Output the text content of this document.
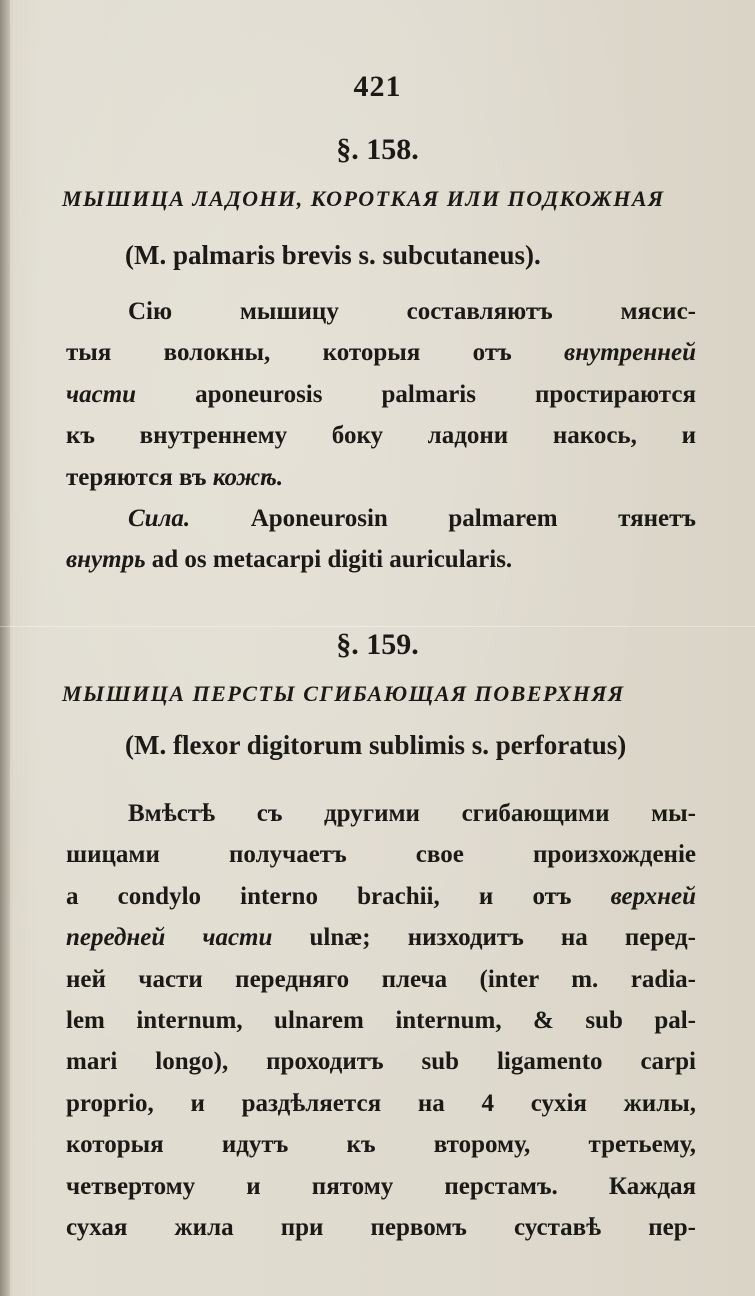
421
§. 158.
МЫШИЦА ЛАДОНИ, КОРОТКАЯ ИЛИ ПОДКОЖНАЯ
(M. palmaris brevis s. subcutaneus).
Сію мышицу составляютъ мясис-
тыя волокны, которыя отъ внутренней
части aponeurosis palmaris простираются
къ внутреннему боку ладони накось, и
теряются въ кожѣ.
Сила. Aponeurosin palmarem тянетъ
внутрь ad os metacarpi digiti auricularis.
§. 159.
МЫШИЦА ПЕРСТЫ СГИБАЮЩАЯ ПОВЕРХНЯЯ
(M. flexor digitorum sublimis s. perforatus)
Вмѣстѣ съ другими сгибающими мы-
шицами получаетъ свое произхожденіе
a condylo interno brachii, и отъ верхней
передней части ulnæ; низходитъ на перед-
ней части передняго плеча (inter m. radia-
lem internum, ulnarem internum, & sub pal-
mari longo), проходитъ sub ligamento carpi
proprio, и раздѣляется на 4 сухія жилы,
которыя идутъ къ второму, третьему,
четвертому и пятому перстамъ. Каждая
сухая жила при первомъ суставѣ пер-
